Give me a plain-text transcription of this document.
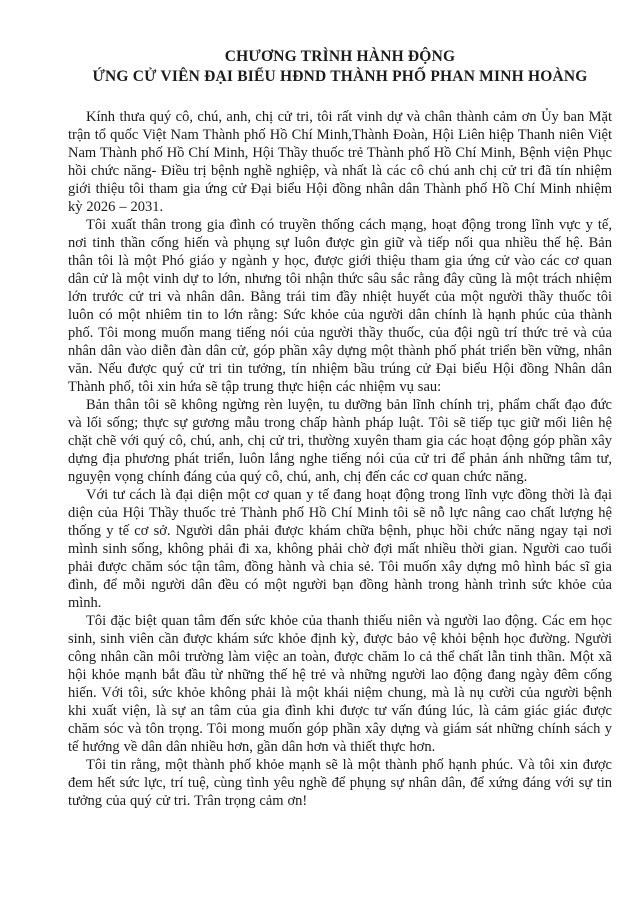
CHƯƠNG TRÌNH HÀNH ĐỘNG
ỨNG CỬ VIÊN ĐẠI BIỂU HĐND THÀNH PHỐ PHAN MINH HOÀNG

Kính thưa quý cô, chú, anh, chị cử tri, tôi rất vinh dự và chân thành cảm ơn Ủy ban Mặt trận tổ quốc Việt Nam Thành phố Hồ Chí Minh,Thành Đoàn, Hội Liên hiệp Thanh niên Việt Nam Thành phố Hồ Chí Minh, Hội Thầy thuốc trẻ Thành phố Hồ Chí Minh, Bệnh viện Phục hồi chức năng- Điều trị bệnh nghề nghiệp, và nhất là các cô chú anh chị cử tri đã tín nhiệm giới thiệu tôi tham gia ứng cử Đại biểu Hội đồng nhân dân Thành phố Hồ Chí Minh nhiệm kỳ 2026 – 2031.

Tôi xuất thân trong gia đình có truyền thống cách mạng, hoạt động trong lĩnh vực y tế, nơi tinh thần cống hiến và phụng sự luôn được gìn giữ và tiếp nối qua nhiều thế hệ. Bản thân tôi là một Phó giáo y ngành y học, được giới thiệu tham gia ứng cử vào các cơ quan dân cử là một vinh dự to lớn, nhưng tôi nhận thức sâu sắc rằng đây cũng là một trách nhiệm lớn trước cử tri và nhân dân. Bằng trái tim đầy nhiệt huyết của một người thầy thuốc tôi luôn có một nhiêm tin to lớn rằng: Sức khỏe của người dân chính là hạnh phúc của thành phố. Tôi mong muốn mang tiếng nói của người thầy thuốc, của đội ngũ trí thức trẻ và của nhân dân vào diễn đàn dân cử, góp phần xây dựng một thành phố phát triển bền vững, nhân văn. Nếu được quý cử tri tin tưởng, tín nhiệm bầu trúng cử Đại biểu Hội đồng Nhân dân Thành phố, tôi xin hứa sẽ tập trung thực hiện các nhiệm vụ sau:

Bản thân tôi sẽ không ngừng rèn luyện, tu dưỡng bản lĩnh chính trị, phẩm chất đạo đức và lối sống; thực sự gương mẫu trong chấp hành pháp luật. Tôi sẽ tiếp tục giữ mối liên hệ chặt chẽ với quý cô, chú, anh, chị cử tri, thường xuyên tham gia các hoạt động góp phần xây dựng địa phương phát triển, luôn lắng nghe tiếng nói của cử tri để phản ánh những tâm tư, nguyện vọng chính đáng của quý cô, chú, anh, chị đến các cơ quan chức năng.

Với tư cách là đại diện một cơ quan y tế đang hoạt động trong lĩnh vực đồng thời là đại diện của Hội Thầy thuốc trẻ Thành phố Hồ Chí Minh tôi sẽ nỗ lực nâng cao chất lượng hệ thống y tế cơ sở. Người dân phải được khám chữa bệnh, phục hồi chức năng ngay tại nơi mình sinh sống, không phải đi xa, không phải chờ đợi mất nhiều thời gian. Người cao tuổi phải được chăm sóc tận tâm, đồng hành và chia sẻ. Tôi muốn xây dựng mô hình bác sĩ gia đình, để mỗi người dân đều có một người bạn đồng hành trong hành trình sức khỏe của mình.

Tôi đặc biệt quan tâm đến sức khỏe của thanh thiếu niên và người lao động. Các em học sinh, sinh viên cần được khám sức khỏe định kỳ, được bảo vệ khỏi bệnh học đường. Người công nhân cần môi trường làm việc an toàn, được chăm lo cả thể chất lẫn tinh thần. Một xã hội khỏe mạnh bắt đầu từ những thế hệ trẻ và những người lao động đang ngày đêm cống hiến. Với tôi, sức khỏe không phải là một khái niệm chung, mà là nụ cười của người bệnh khi xuất viện, là sự an tâm của gia đình khi được tư vấn đúng lúc, là cảm giác giác được chăm sóc và tôn trọng. Tôi mong muốn góp phần xây dựng và giám sát những chính sách y tế hướng về dân dân nhiều hơn, gần dân hơn và thiết thực hơn.

Tôi tin rằng, một thành phố khỏe mạnh sẽ là một thành phố hạnh phúc. Và tôi xin được đem hết sức lực, trí tuệ, cùng tình yêu nghề để phụng sự nhân dân, để xứng đáng với sự tin tưởng của quý cử tri. Trân trọng cảm ơn!
